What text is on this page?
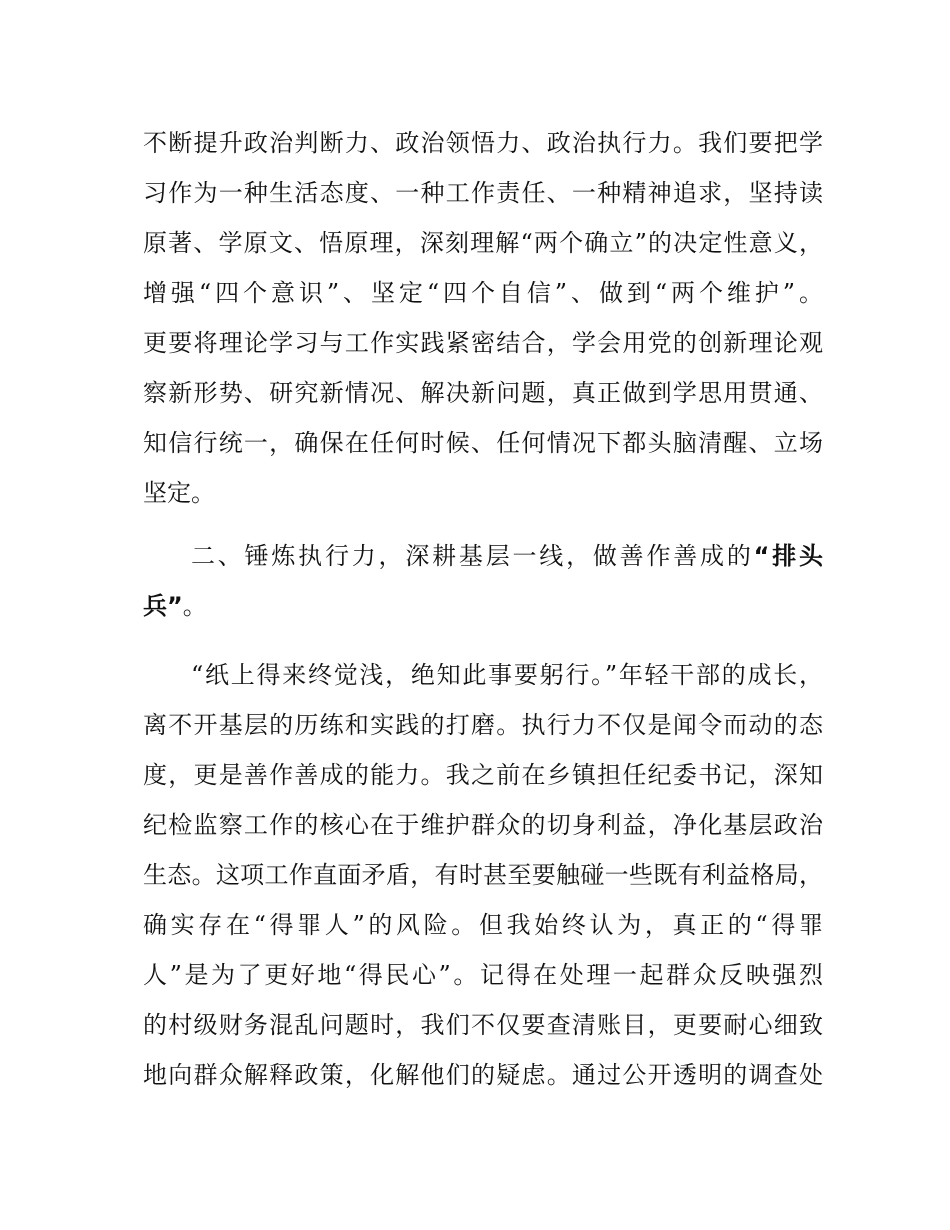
不断提升政治判断力、政治领悟力、政治执行力。我们要把学
习作为一种生活态度、一种工作责任、一种精神追求，坚持读
原著、学原文、悟原理，深刻理解“两个确立”的决定性意义，
增强“四个意识”、坚定“四个自信”、做到“两个维护”。
更要将理论学习与工作实践紧密结合，学会用党的创新理论观
察新形势、研究新情况、解决新问题，真正做到学思用贯通、
知信行统一，确保在任何时候、任何情况下都头脑清醒、立场
坚定。
二、锤炼执行力，深耕基层一线，做善作善成的“排头
兵”。
“纸上得来终觉浅，绝知此事要躬行。”年轻干部的成长，
离不开基层的历练和实践的打磨。执行力不仅是闻令而动的态
度，更是善作善成的能力。我之前在乡镇担任纪委书记，深知
纪检监察工作的核心在于维护群众的切身利益，净化基层政治
生态。这项工作直面矛盾，有时甚至要触碰一些既有利益格局，
确实存在“得罪人”的风险。但我始终认为，真正的“得罪
人”是为了更好地“得民心”。记得在处理一起群众反映强烈
的村级财务混乱问题时，我们不仅要查清账目，更要耐心细致
地向群众解释政策，化解他们的疑虑。通过公开透明的调查处
